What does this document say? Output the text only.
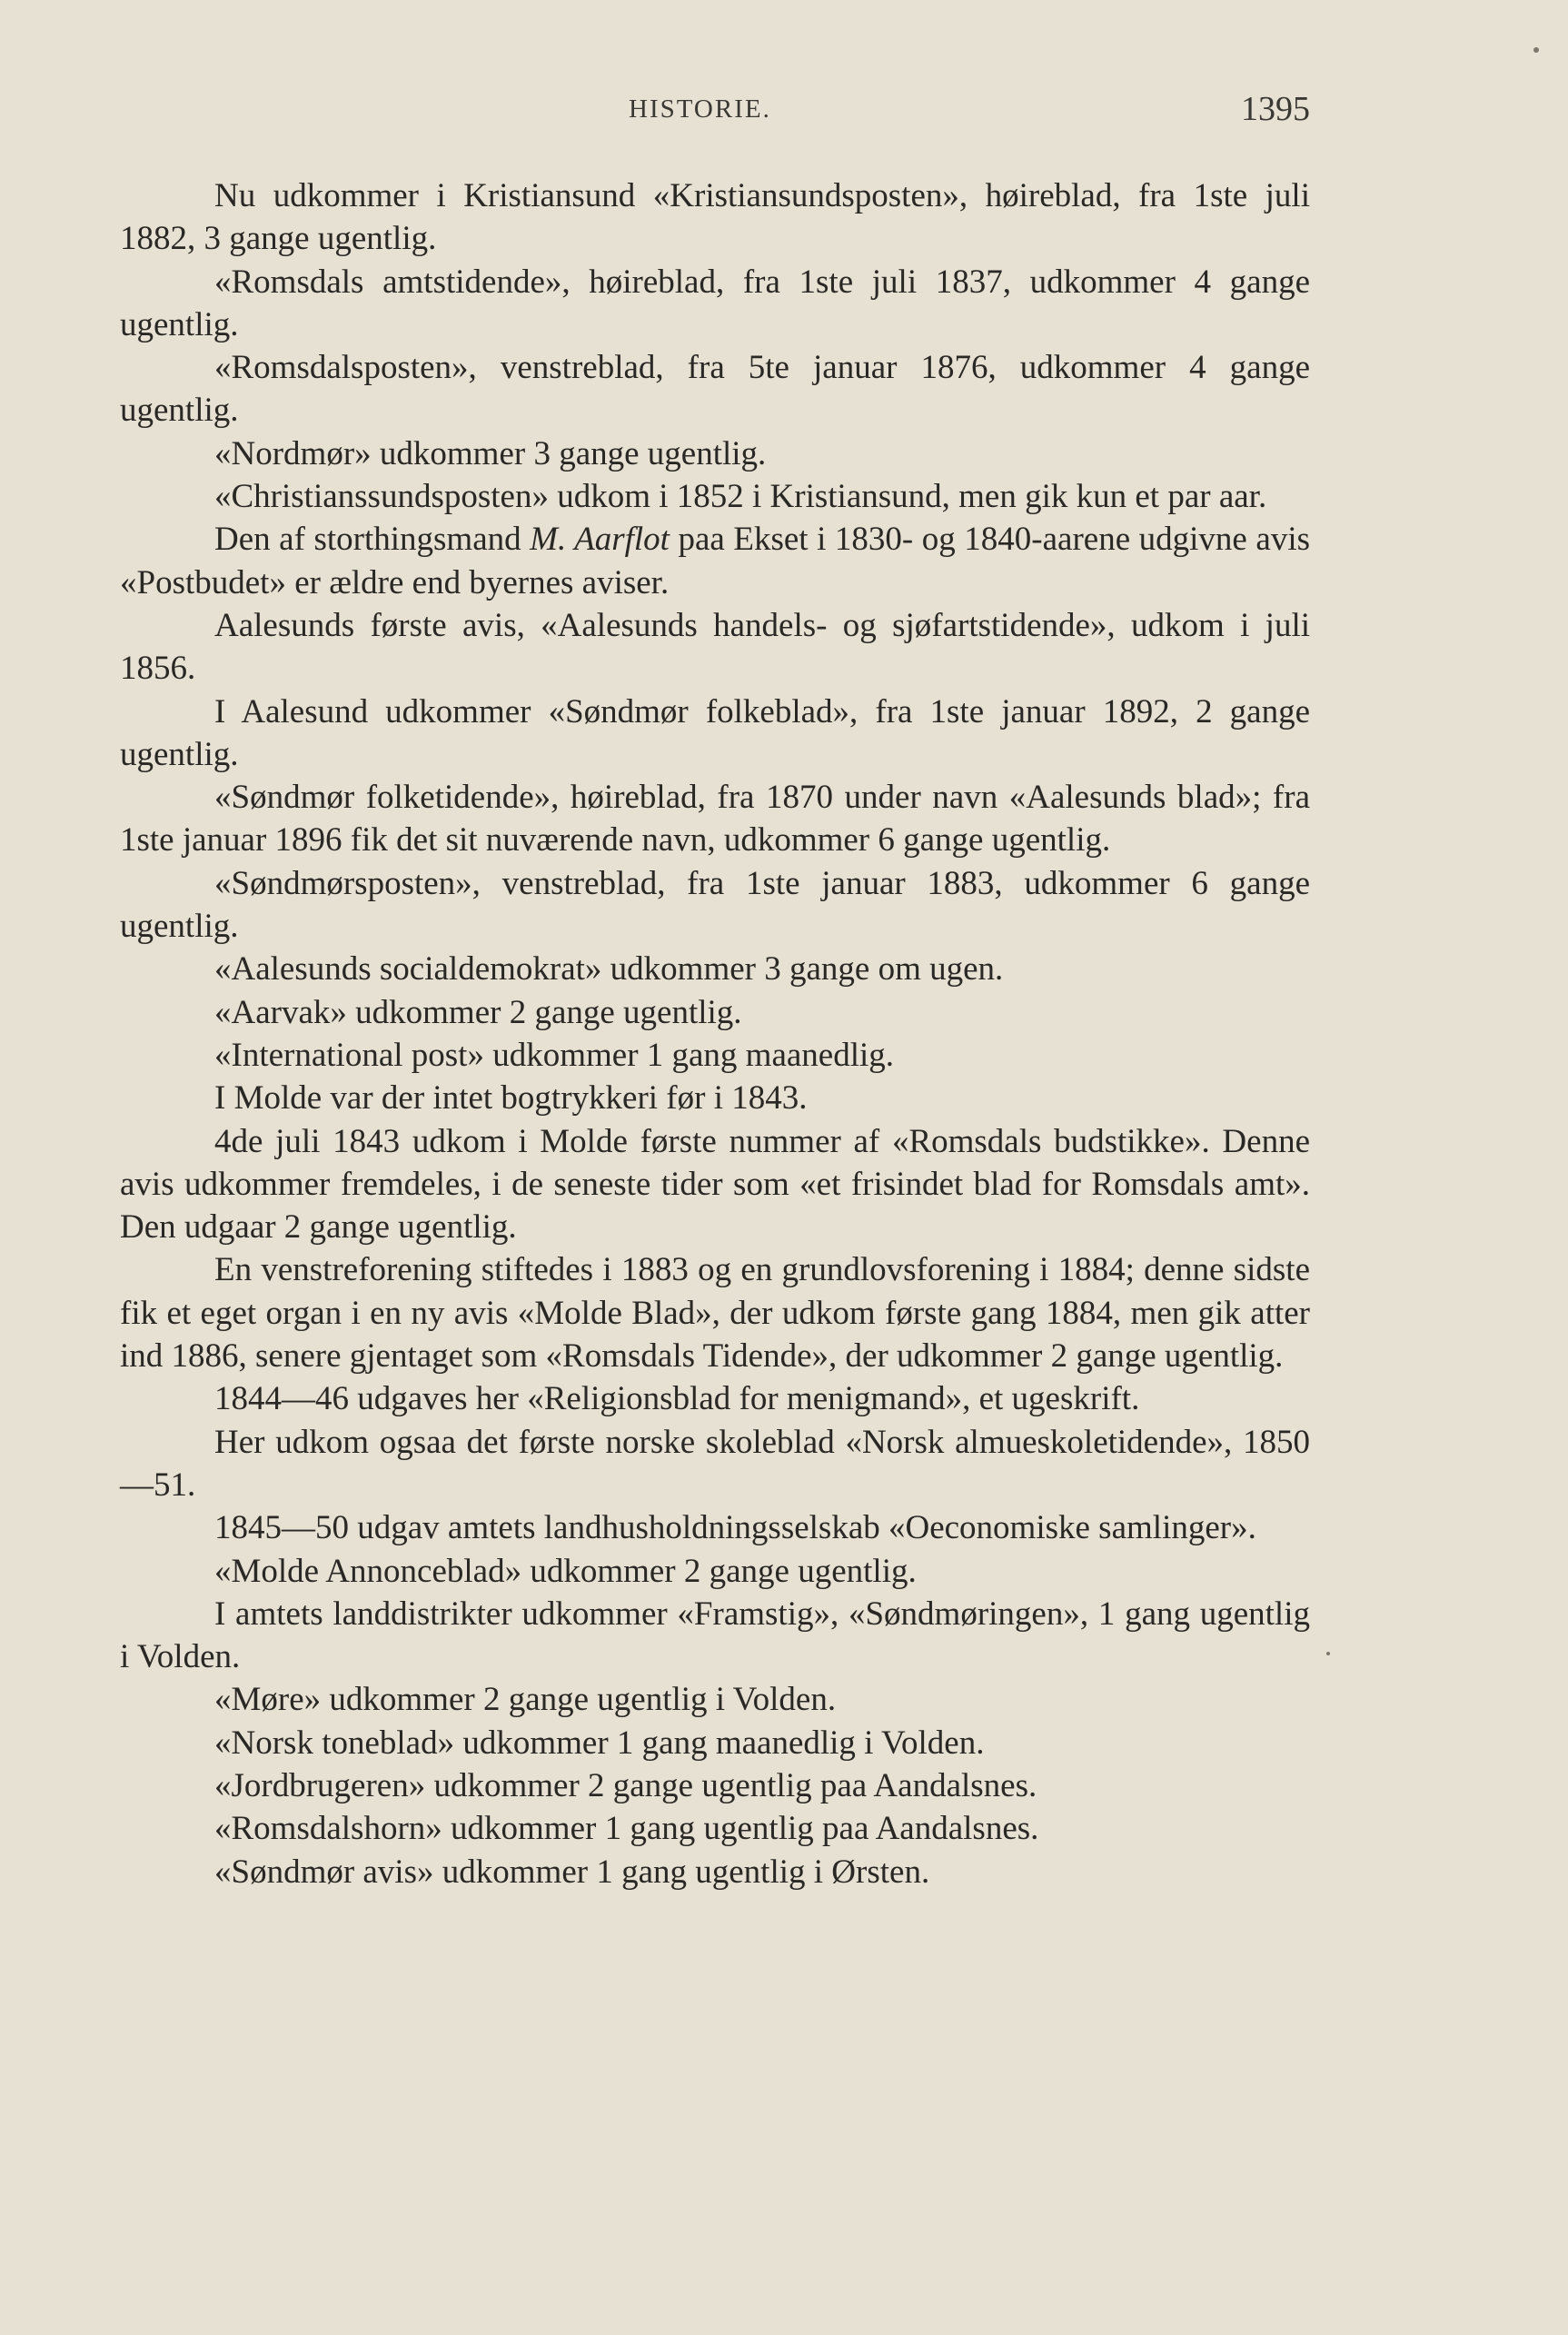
HISTORIE.	1395

Nu udkommer i Kristiansund «Kristiansundsposten», høireblad, fra 1ste juli 1882, 3 gange ugentlig.

«Romsdals amtstidende», høireblad, fra 1ste juli 1837, udkommer 4 gange ugentlig.

«Romsdalsposten», venstreblad, fra 5te januar 1876, udkommer 4 gange ugentlig.

«Nordmør» udkommer 3 gange ugentlig.

«Christianssundsposten» udkom i 1852 i Kristiansund, men gik kun et par aar.

Den af storthingsmand M. Aarflot paa Ekset i 1830- og 1840-aarene udgivne avis «Postbudet» er ældre end byernes aviser.

Aalesunds første avis, «Aalesunds handels- og sjøfartstidende», udkom i juli 1856.

I Aalesund udkommer «Søndmør folkeblad», fra 1ste januar 1892, 2 gange ugentlig.

«Søndmør folketidende», høireblad, fra 1870 under navn «Aalesunds blad»; fra 1ste januar 1896 fik det sit nuværende navn, udkommer 6 gange ugentlig.

«Søndmørsposten», venstreblad, fra 1ste januar 1883, udkommer 6 gange ugentlig.

«Aalesunds socialdemokrat» udkommer 3 gange om ugen.

«Aarvak» udkommer 2 gange ugentlig.

«International post» udkommer 1 gang maanedlig.

I Molde var der intet bogtrykkeri før i 1843.

4de juli 1843 udkom i Molde første nummer af «Romsdals budstikke». Denne avis udkommer fremdeles, i de seneste tider som «et frisindet blad for Romsdals amt». Den udgaar 2 gange ugentlig.

En venstreforening stiftedes i 1883 og en grundlovsforening i 1884; denne sidste fik et eget organ i en ny avis «Molde Blad», der udkom første gang 1884, men gik atter ind 1886, senere gjentaget som «Romsdals Tidende», der udkommer 2 gange ugentlig.

1844—46 udgaves her «Religionsblad for menigmand», et ugeskrift.

Her udkom ogsaa det første norske skoleblad «Norsk almueskoletidende», 1850—51.

1845—50 udgav amtets landhusholdningsselskab «Oeconomiske samlinger».

«Molde Annonceblad» udkommer 2 gange ugentlig.

I amtets landdistrikter udkommer «Framstig», «Søndmøringen», 1 gang ugentlig i Volden.

«Møre» udkommer 2 gange ugentlig i Volden.

«Norsk toneblad» udkommer 1 gang maanedlig i Volden.

«Jordbrugeren» udkommer 2 gange ugentlig paa Aandalsnes.

«Romsdalshorn» udkommer 1 gang ugentlig paa Aandalsnes.

«Søndmør avis» udkommer 1 gang ugentlig i Ørsten.
